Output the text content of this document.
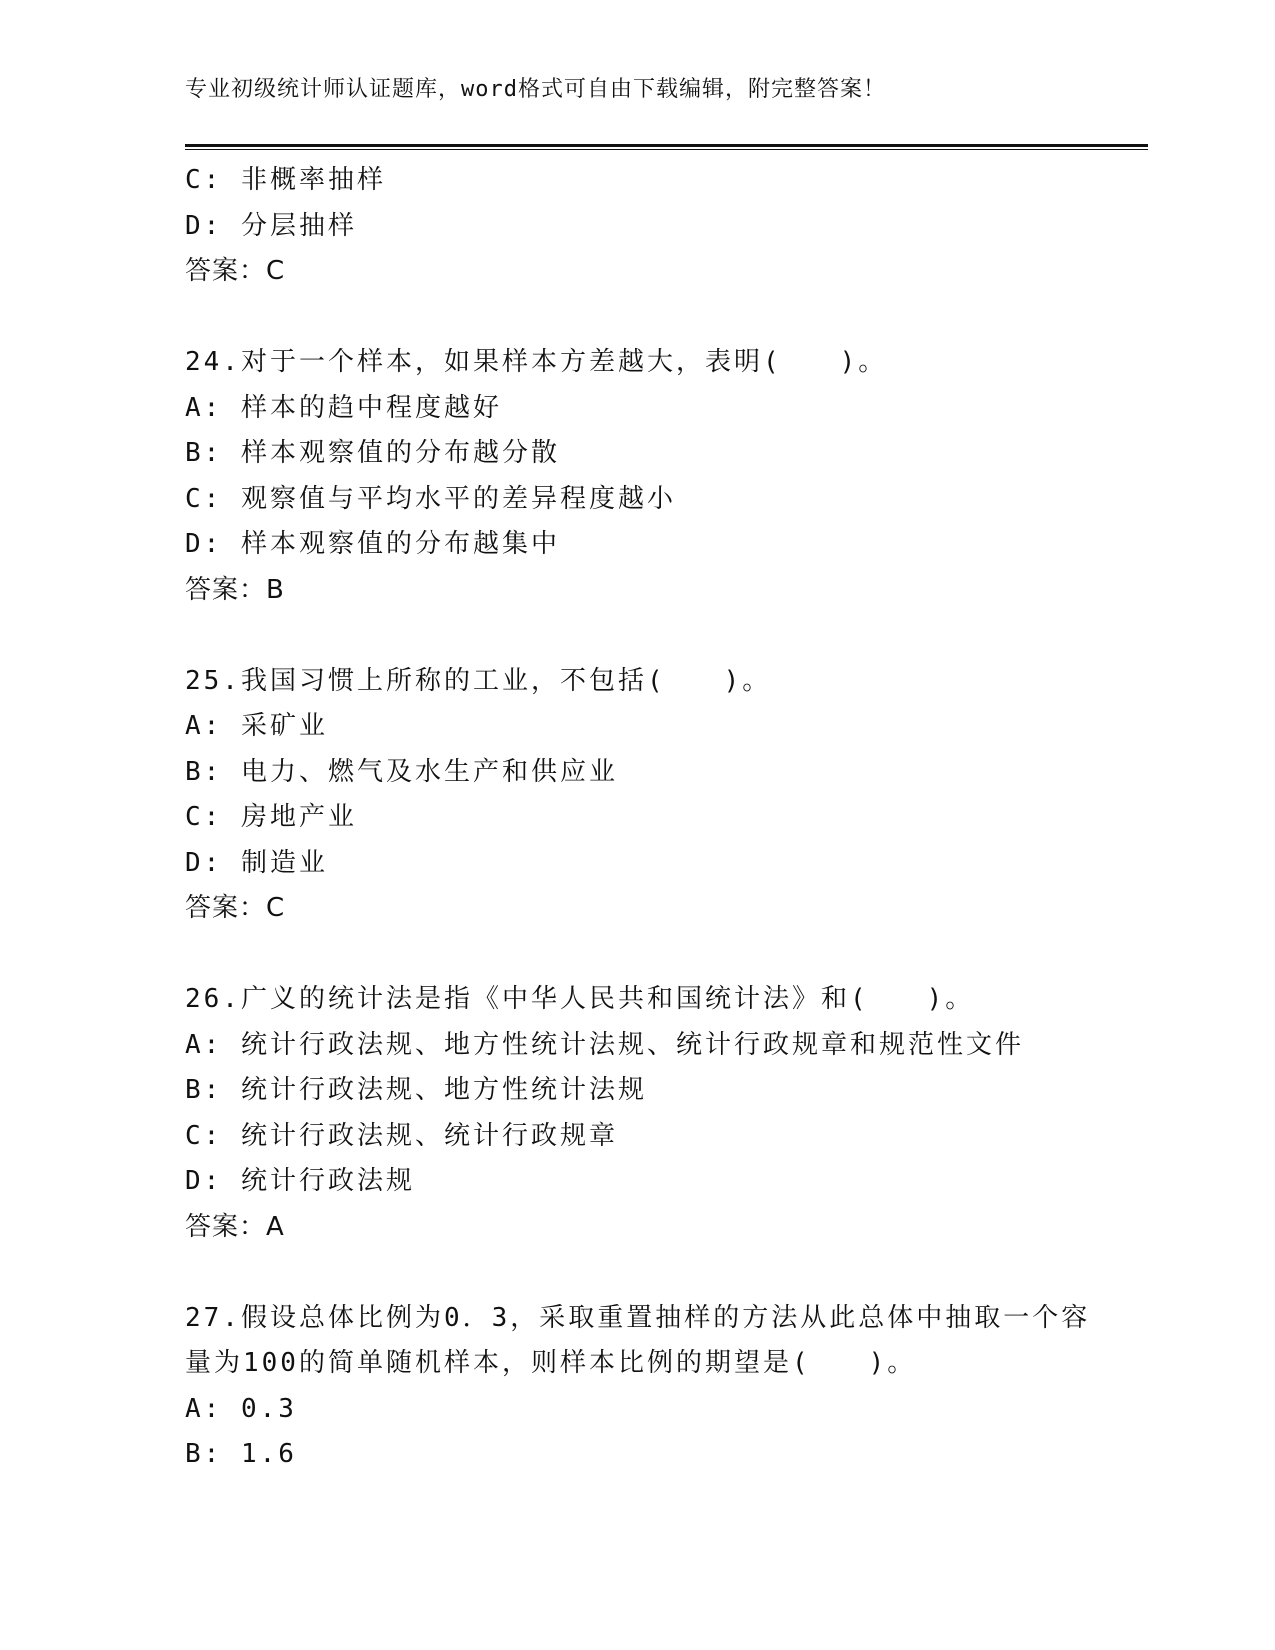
专业初级统计师认证题库，word格式可自由下载编辑，附完整答案！
C: 非概率抽样
D: 分层抽样
答案：C
24.对于一个样本，如果样本方差越大，表明(　　)。
A: 样本的趋中程度越好
B: 样本观察值的分布越分散
C: 观察值与平均水平的差异程度越小
D: 样本观察值的分布越集中
答案：B
25.我国习惯上所称的工业，不包括(　　)。
A: 采矿业
B: 电力、燃气及水生产和供应业
C: 房地产业
D: 制造业
答案：C
26.广义的统计法是指《中华人民共和国统计法》和(　　)。
A: 统计行政法规、地方性统计法规、统计行政规章和规范性文件
B: 统计行政法规、地方性统计法规
C: 统计行政法规、统计行政规章
D: 统计行政法规
答案：A
27.假设总体比例为0．3，采取重置抽样的方法从此总体中抽取一个容
量为100的简单随机样本，则样本比例的期望是(　　)。
A: 0.3
B: 1.6
